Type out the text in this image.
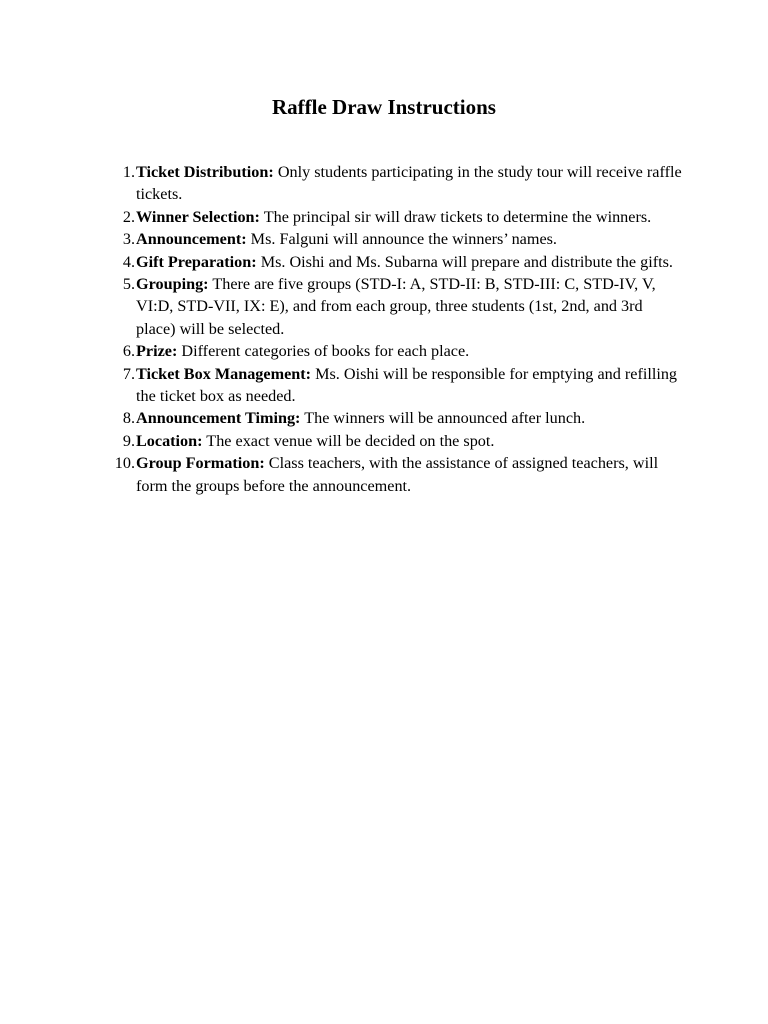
Raffle Draw Instructions
1. Ticket Distribution: Only students participating in the study tour will receive raffle tickets.
2. Winner Selection: The principal sir will draw tickets to determine the winners.
3. Announcement: Ms. Falguni will announce the winners’ names.
4. Gift Preparation: Ms. Oishi and Ms. Subarna will prepare and distribute the gifts.
5. Grouping: There are five groups (STD-I: A, STD-II: B, STD-III: C, STD-IV, V, VI:D, STD-VII, IX: E), and from each group, three students (1st, 2nd, and 3rd place) will be selected.
6. Prize: Different categories of books for each place.
7. Ticket Box Management: Ms. Oishi will be responsible for emptying and refilling the ticket box as needed.
8. Announcement Timing: The winners will be announced after lunch.
9. Location: The exact venue will be decided on the spot.
10. Group Formation: Class teachers, with the assistance of assigned teachers, will form the groups before the announcement.
